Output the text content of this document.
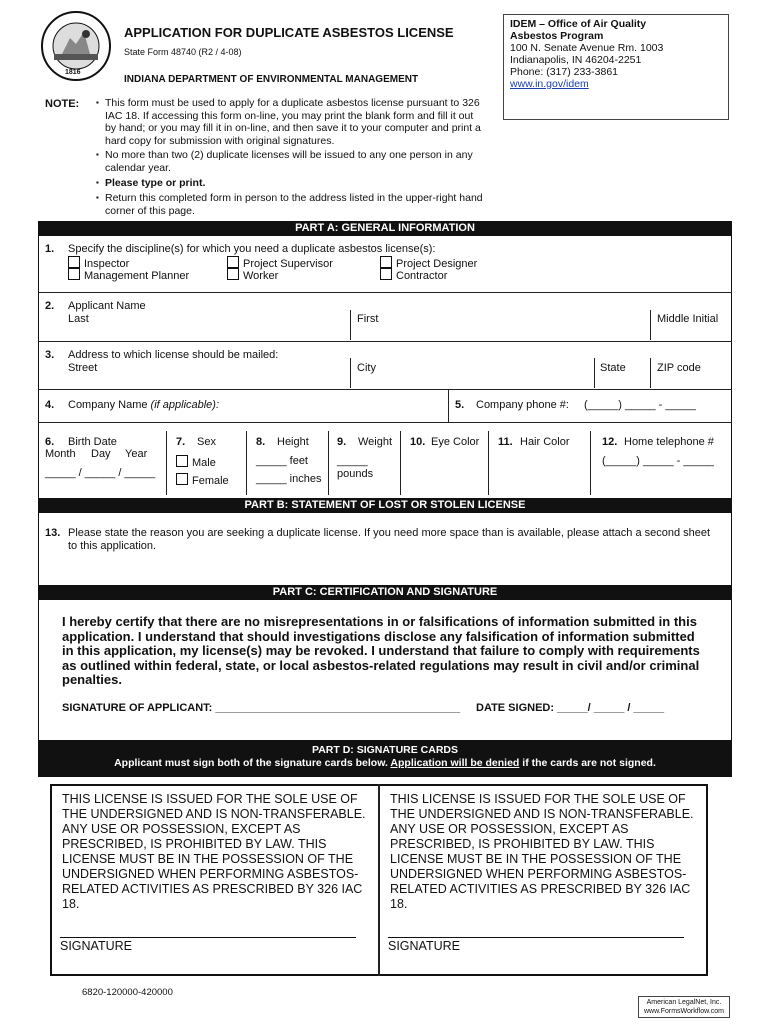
1816
APPLICATION FOR DUPLICATE ASBESTOS LICENSE
State Form 48740 (R2 / 4-08)
INDIANA DEPARTMENT OF ENVIRONMENTAL MANAGEMENT
IDEM – Office of Air Quality
Asbestos Program
100 N. Senate Avenue Rm. 1003
Indianapolis, IN 46204-2251
Phone: (317) 233-3861
www.in.gov/idem
NOTE:
▪ This form must be used to apply for a duplicate asbestos license pursuant to 326 IAC 18. If accessing this form on-line, you may print the blank form and fill it out by hand; or you may fill it in on-line, and then save it to your computer and print a hard copy for submission with original signatures.
▪ No more than two (2) duplicate licenses will be issued to any one person in any calendar year.
▪ Please type or print.
▪ Return this completed form in person to the address listed in the upper-right hand corner of this page.
PART A: GENERAL INFORMATION
1. Specify the discipline(s) for which you need a duplicate asbestos license(s):
Inspector	Project Supervisor	Project Designer
Management Planner	Worker	Contractor
2. Applicant Name
Last	First	Middle Initial
3. Address to which license should be mailed:
Street	City	State	ZIP code
4. Company Name (if applicable):	5. Company phone #: (_____) _____ - _____
6. Birth Date
Month Day Year
_____ / _____ / _____
7. Sex
Male
Female
8. Height
_____ feet
_____ inches
9. Weight
_____
pounds
10. Eye Color 11. Hair Color	12. Home telephone #
(_____) _____ - _____
PART B: STATEMENT OF LOST OR STOLEN LICENSE
13. Please state the reason you are seeking a duplicate license. If you need more space than is available, please attach a second sheet to this application.
PART C: CERTIFICATION AND SIGNATURE
I hereby certify that there are no misrepresentations in or falsifications of information submitted in this application. I understand that should investigations disclose any falsification of information submitted in this application, my license(s) may be revoked. I understand that failure to comply with requirements as outlined within federal, state, or local asbestos-related regulations may result in civil and/or criminal penalties.
SIGNATURE OF APPLICANT: ________________________________________ DATE SIGNED: _____/ _____ / _____
PART D: SIGNATURE CARDS
Applicant must sign both of the signature cards below. Application will be denied if the cards are not signed.
THIS LICENSE IS ISSUED FOR THE SOLE USE OF THE UNDERSIGNED AND IS NON-TRANSFERABLE. ANY USE OR POSSESSION, EXCEPT AS PRESCRIBED, IS PROHIBITED BY LAW. THIS LICENSE MUST BE IN THE POSSESSION OF THE UNDERSIGNED WHEN PERFORMING ASBESTOS-RELATED ACTIVITIES AS PRESCRIBED BY 326 IAC 18.
SIGNATURE
THIS LICENSE IS ISSUED FOR THE SOLE USE OF THE UNDERSIGNED AND IS NON-TRANSFERABLE. ANY USE OR POSSESSION, EXCEPT AS PRESCRIBED, IS PROHIBITED BY LAW. THIS LICENSE MUST BE IN THE POSSESSION OF THE UNDERSIGNED WHEN PERFORMING ASBESTOS-RELATED ACTIVITIES AS PRESCRIBED BY 326 IAC 18.
SIGNATURE
6820-120000-420000
American LegalNet, Inc.
www.FormsWorkflow.com
